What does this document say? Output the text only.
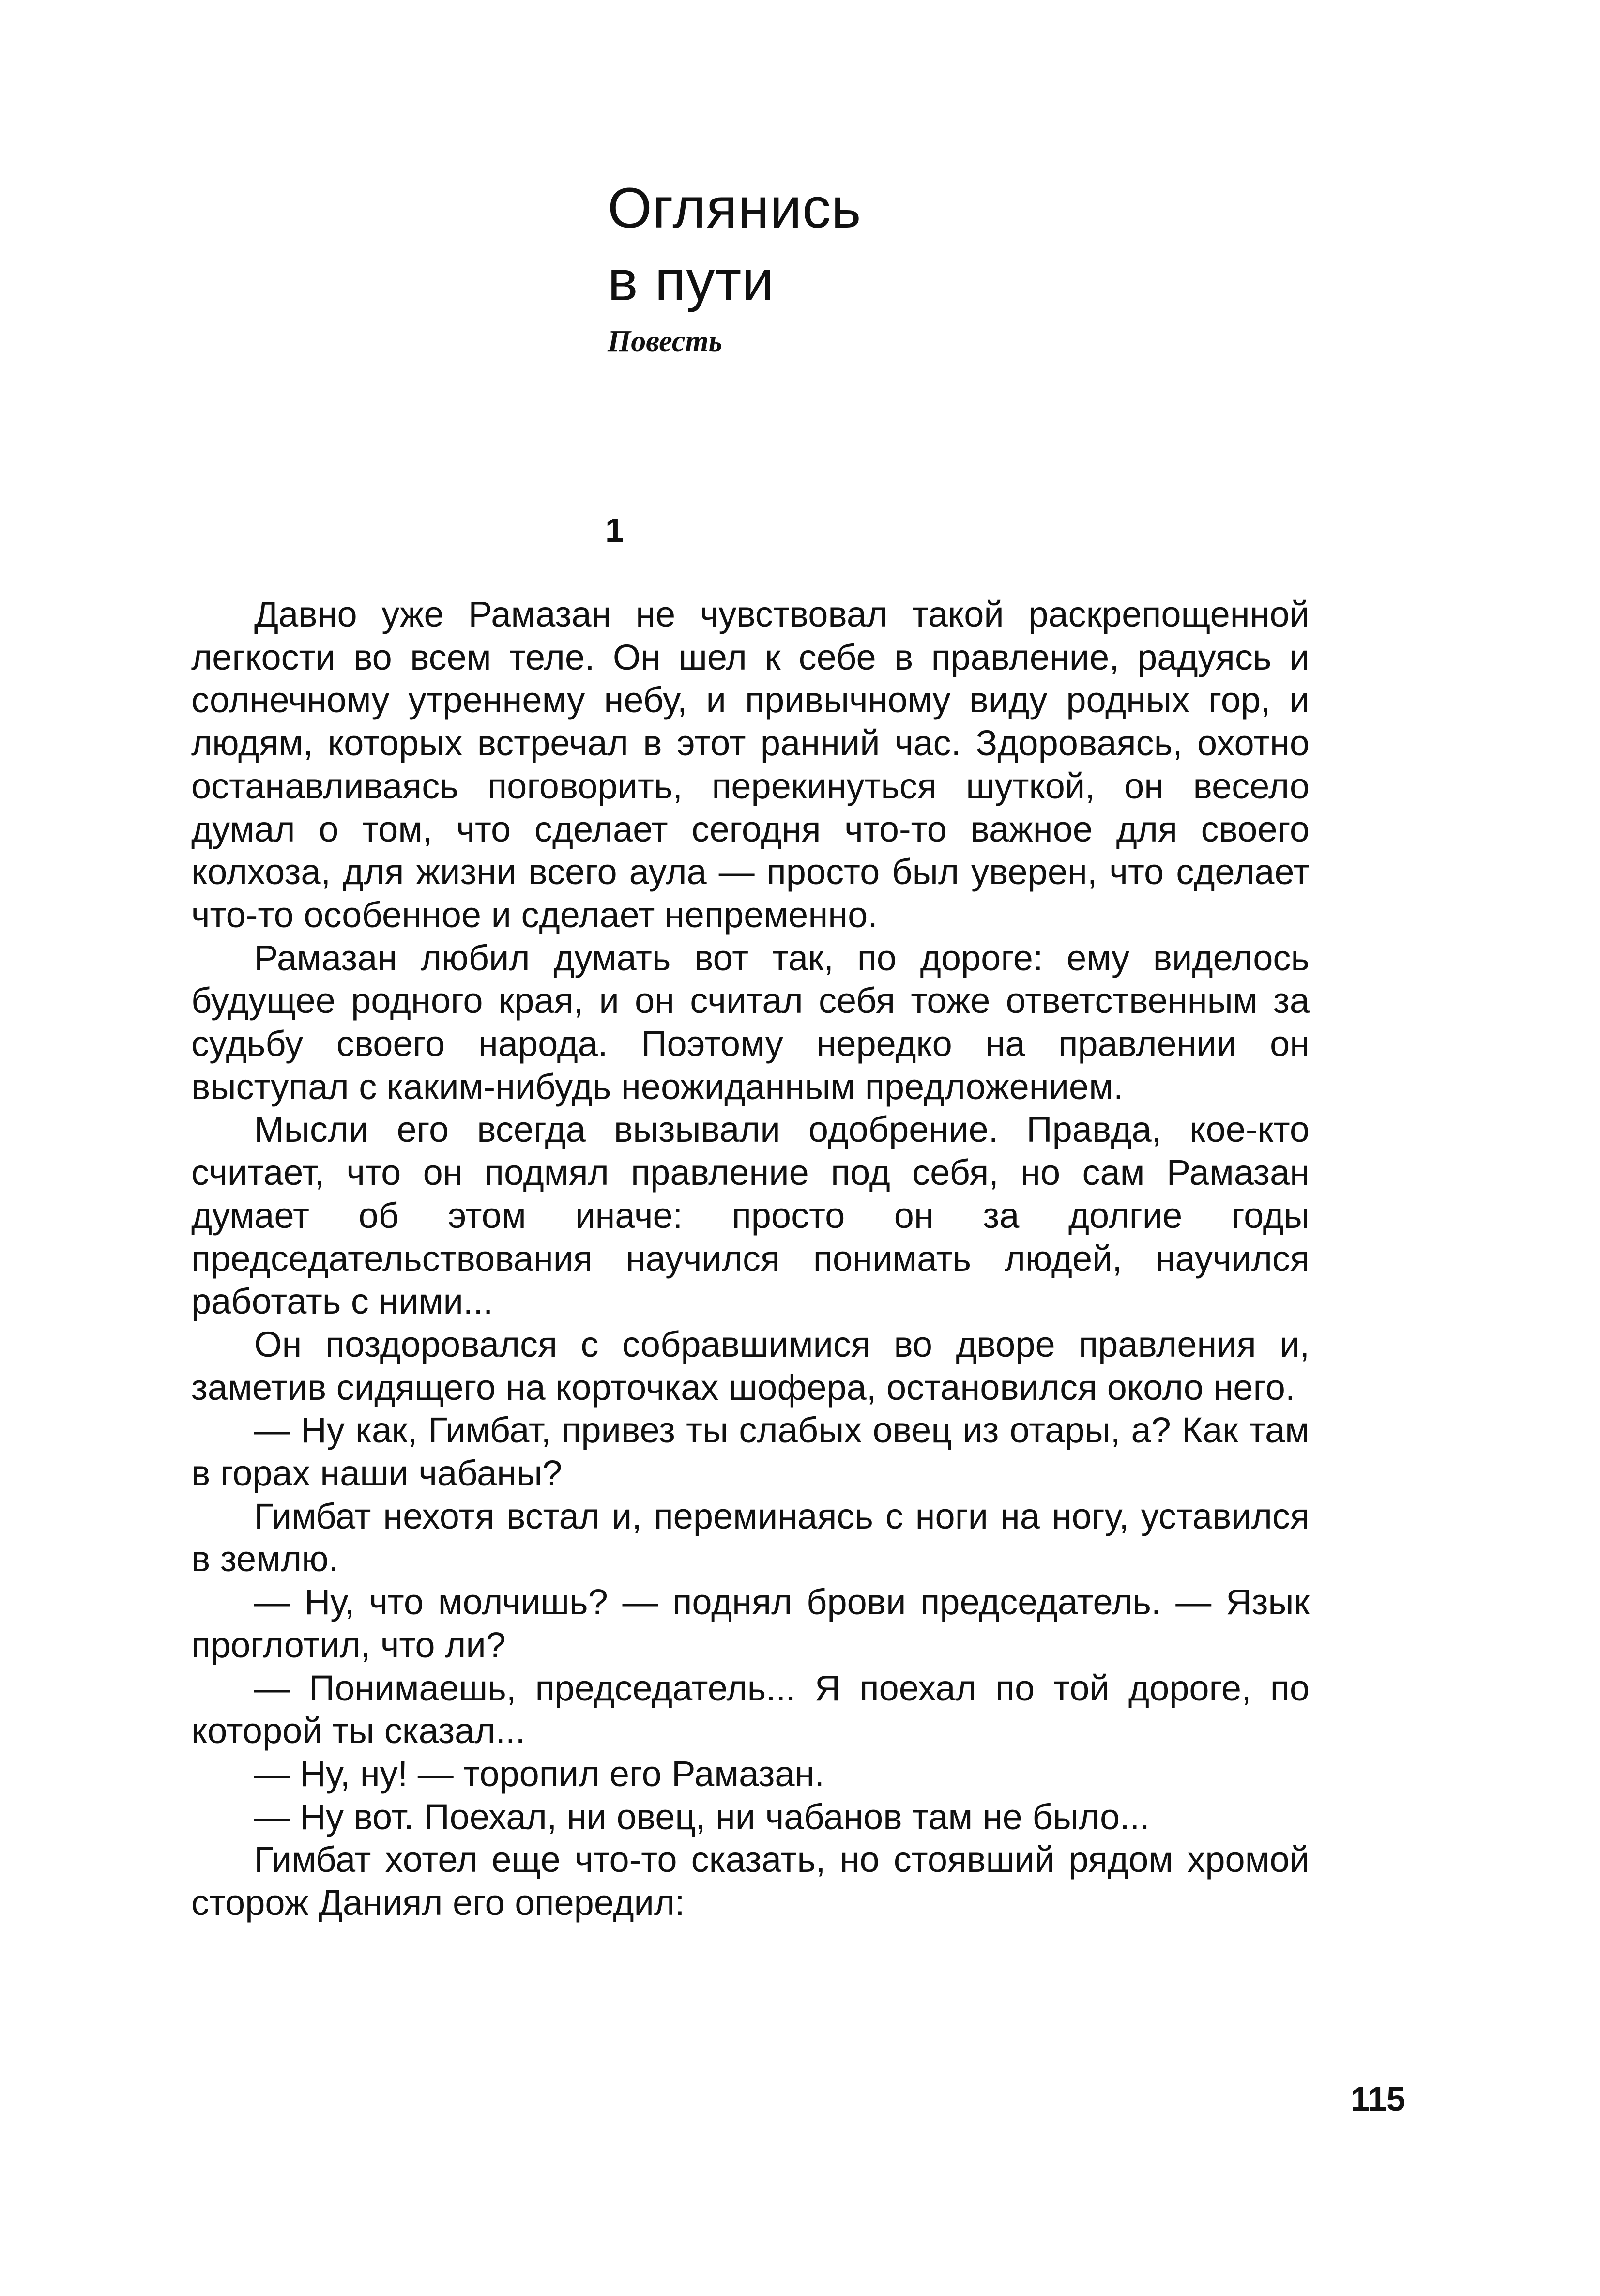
Оглянись
в пути
Повесть
1

Давно уже Рамазан не чувствовал такой раскрепощенной легкости во всем теле. Он шел к себе в правление, радуясь и солнечному утреннему небу, и привычному виду родных гор, и людям, которых встречал в этот ранний час. Здороваясь, охотно останавливаясь поговорить, перекинуться шуткой, он весело думал о том, что сделает сегодня что-то важное для своего колхоза, для жизни всего аула — просто был уверен, что сделает что-то особенное и сделает непременно.

Рамазан любил думать вот так, по дороге: ему виделось будущее родного края, и он считал себя тоже ответственным за судьбу своего народа. Поэтому нередко на правлении он выступал с каким-нибудь неожиданным предложением.

Мысли его всегда вызывали одобрение. Правда, кое-кто считает, что он подмял правление под себя, но сам Рамазан думает об этом иначе: просто он за долгие годы председательствования научился понимать людей, научился работать с ними...

Он поздоровался с собравшимися во дворе правления и, заметив сидящего на корточках шофера, остановился около него.

— Ну как, Гимбат, привез ты слабых овец из отары, а? Как там в горах наши чабаны?

Гимбат нехотя встал и, переминаясь с ноги на ногу, уставился в землю.

— Ну, что молчишь? — поднял брови председатель. — Язык проглотил, что ли?

— Понимаешь, председатель... Я поехал по той дороге, по которой ты сказал...

— Ну, ну! — торопил его Рамазан.

— Ну вот. Поехал, ни овец, ни чабанов там не было...

Гимбат хотел еще что-то сказать, но стоявший рядом хромой сторож Даниял его опередил:

115
